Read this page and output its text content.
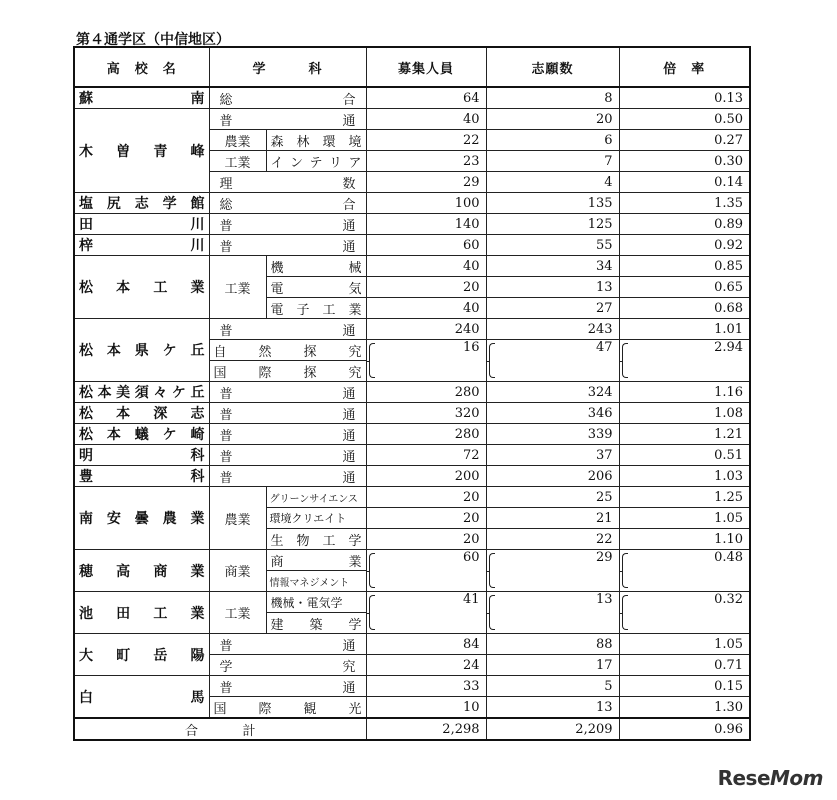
第４通学区（中信地区）
高　校　名	学　　　科		募集人員	志願数	倍　率
蘇南	総合		64	8	0.13
木曽青峰	普通		40	20	0.50
	農業	森林環境	22	6	0.27
	工業	インテリア	23	7	0.30
	理数		29	4	0.14
塩尻志学館	総合		100	135	1.35
田川	普通		140	125	0.89
梓川	普通		60	55	0.92
松本工業	工業	機械	40	34	0.85
		電気	20	13	0.65
		電子工業	40	27	0.68
松本県ケ丘	普通		240	243	1.01
	自然探究		16	47	2.94
	国際探究				
松本美須々ケ丘	普通		280	324	1.16
松本深志	普通		320	346	1.08
松本蟻ケ崎	普通		280	339	1.21
明科	普通		72	37	0.51
豊科	普通		200	206	1.03
南安曇農業	農業	グリーンサイエンス	20	25	1.25
		環境クリエイト	20	21	1.05
		生物工学	20	22	1.10
穂高商業	商業	商業	60	29	0.48
		情報マネジメント			
池田工業	工業	機械・電気学	41	13	0.32
		建築学			
大町岳陽	普通		84	88	1.05
	学究		24	17	0.71
白馬	普通		33	5	0.15
	国際観光		10	13	1.30
合計			2,298	2,209	0.96
ReseMom
